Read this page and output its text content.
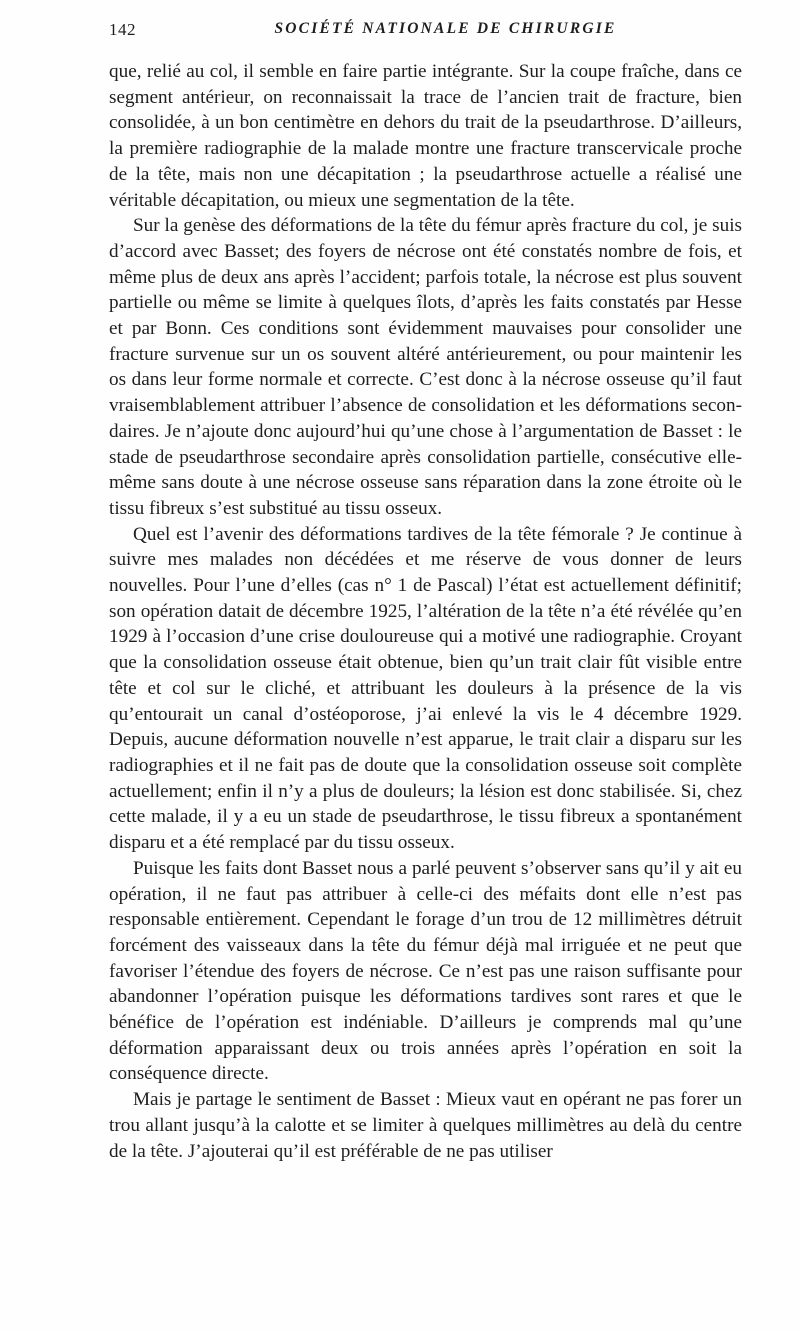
142	SOCIÉTÉ NATIONALE DE CHIRURGIE

que, relié au col, il semble en faire partie intégrante. Sur la coupe fraîche, dans ce segment antérieur, on reconnaissait la trace de l’ancien trait de fracture, bien consolidée, à un bon centimètre en dehors du trait de la pseudarthrose. D’ailleurs, la première radiographie de la malade montre une fracture transcervicale proche de la tête, mais non une décapitation ; la pseudarthrose actuelle a réalisé une véritable décapitation, ou mieux une segmentation de la tête.

Sur la genèse des déformations de la tête du fémur après fracture du col, je suis d’accord avec Basset; des foyers de nécrose ont été constatés nombre de fois, et même plus de deux ans après l’accident; parfois totale, la nécrose est plus souvent partielle ou même se limite à quelques îlots, d’après les faits constatés par Hesse et par Bonn. Ces conditions sont évidemment mauvaises pour consolider une fracture survenue sur un os souvent altéré antérieurement, ou pour maintenir les os dans leur forme normale et correcte. C’est donc à la nécrose osseuse qu’il faut vraisemblablement attribuer l’absence de consolidation et les déformations secondaires. Je n’ajoute donc aujourd’hui qu’une chose à l’argumentation de Basset : le stade de pseudarthrose secondaire après consolidation partielle, consécutive elle-même sans doute à une nécrose osseuse sans réparation dans la zone étroite où le tissu fibreux s’est substitué au tissu osseux.

Quel est l’avenir des déformations tardives de la tête fémorale ? Je continue à suivre mes malades non décédées et me réserve de vous donner de leurs nouvelles. Pour l’une d’elles (cas n° 1 de Pascal) l’état est actuellement définitif; son opération datait de décembre 1925, l’altération de la tête n’a été révélée qu’en 1929 à l’occasion d’une crise douloureuse qui a motivé une radiographie. Croyant que la consolidation osseuse était obtenue, bien qu’un trait clair fût visible entre tête et col sur le cliché, et attribuant les douleurs à la présence de la vis qu’entourait un canal d’ostéoporose, j’ai enlevé la vis le 4 décembre 1929. Depuis, aucune déformation nouvelle n’est apparue, le trait clair a disparu sur les radiographies et il ne fait pas de doute que la consolidation osseuse soit complète actuellement; enfin il n’y a plus de douleurs; la lésion est donc stabilisée. Si, chez cette malade, il y a eu un stade de pseudarthrose, le tissu fibreux a spontanément disparu et a été remplacé par du tissu osseux.

Puisque les faits dont Basset nous a parlé peuvent s’observer sans qu’il y ait eu opération, il ne faut pas attribuer à celle-ci des méfaits dont elle n’est pas responsable entièrement. Cependant le forage d’un trou de 12 millimètres détruit forcément des vaisseaux dans la tête du fémur déjà mal irriguée et ne peut que favoriser l’étendue des foyers de nécrose. Ce n’est pas une raison suffisante pour abandonner l’opération puisque les déformations tardives sont rares et que le bénéfice de l’opération est indéniable. D’ailleurs je comprends mal qu’une déformation apparaissant deux ou trois années après l’opération en soit la conséquence directe.

Mais je partage le sentiment de Basset : Mieux vaut en opérant ne pas forer un trou allant jusqu’à la calotte et se limiter à quelques millimètres au delà du centre de la tête. J’ajouterai qu’il est préférable de ne pas utiliser
